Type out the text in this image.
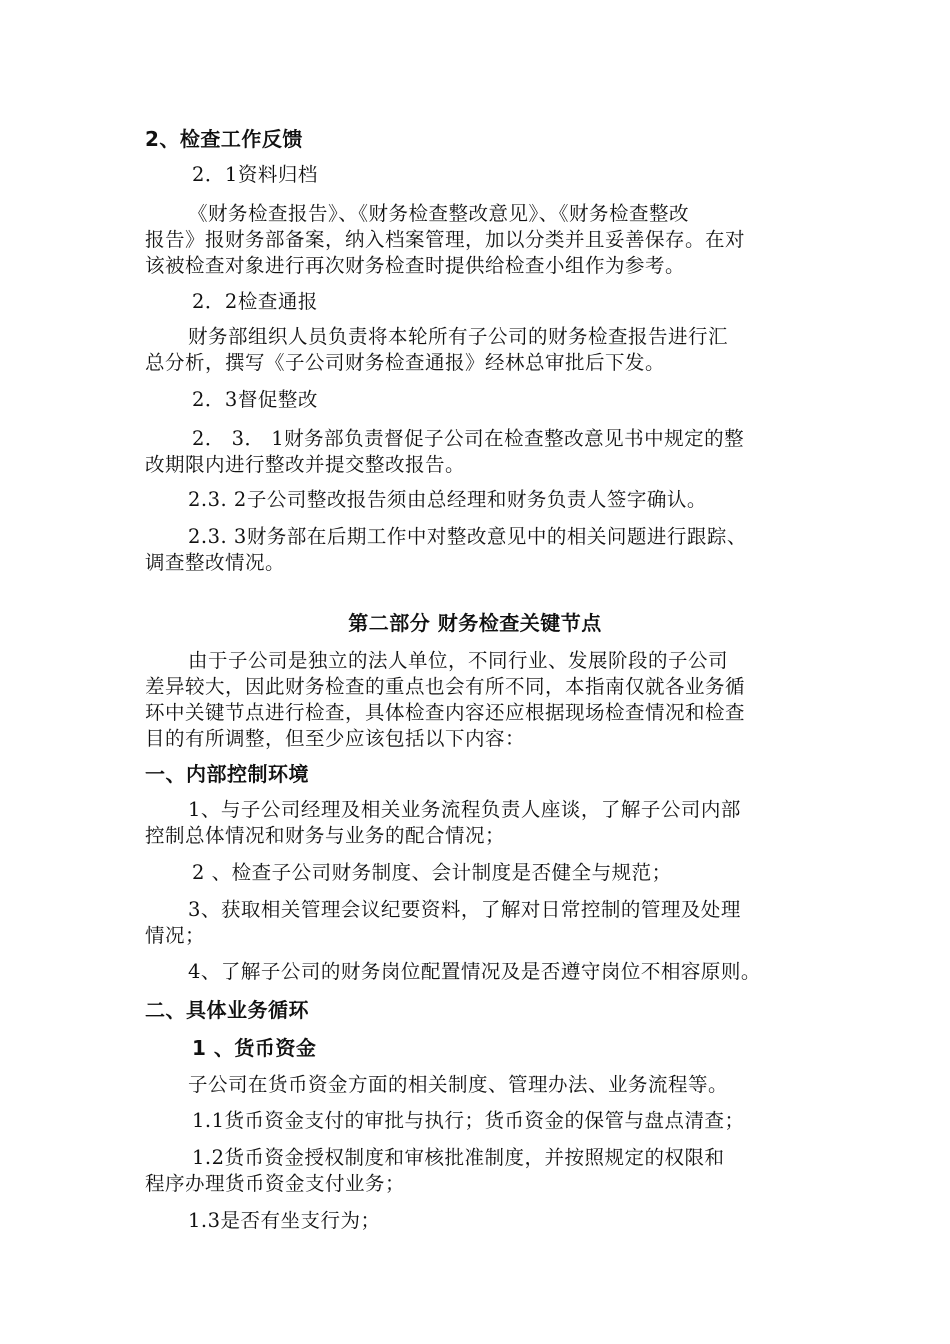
2、检查工作反馈
2．1资料归档
《财务检查报告》、《财务检查整改意见》、《财务检查整改
报告》报财务部备案，纳入档案管理，加以分类并且妥善保存。在对
该被检查对象进行再次财务检查时提供给检查小组作为参考。
2．2检查通报
财务部组织人员负责将本轮所有子公司的财务检查报告进行汇
总分析，撰写《子公司财务检查通报》经林总审批后下发。
2．3督促整改
2． 3． 1财务部负责督促子公司在检查整改意见书中规定的整
改期限内进行整改并提交整改报告。
2.3. 2子公司整改报告须由总经理和财务负责人签字确认。
2.3. 3财务部在后期工作中对整改意见中的相关问题进行跟踪、
调查整改情况。
第二部分 财务检查关键节点
由于子公司是独立的法人单位，不同行业、发展阶段的子公司
差异较大，因此财务检查的重点也会有所不同，本指南仅就各业务循
环中关键节点进行检查，具体检查内容还应根据现场检查情况和检查
目的有所调整，但至少应该包括以下内容：
一、内部控制环境
1、与子公司经理及相关业务流程负责人座谈，了解子公司内部
控制总体情况和财务与业务的配合情况；
2 、检查子公司财务制度、会计制度是否健全与规范；
3、获取相关管理会议纪要资料，了解对日常控制的管理及处理
情况；
4、了解子公司的财务岗位配置情况及是否遵守岗位不相容原则。
二、具体业务循环
1 、货币资金
子公司在货币资金方面的相关制度、管理办法、业务流程等。
1.1货币资金支付的审批与执行；货币资金的保管与盘点清查；
1.2货币资金授权制度和审核批准制度，并按照规定的权限和
程序办理货币资金支付业务；
1.3是否有坐支行为；
